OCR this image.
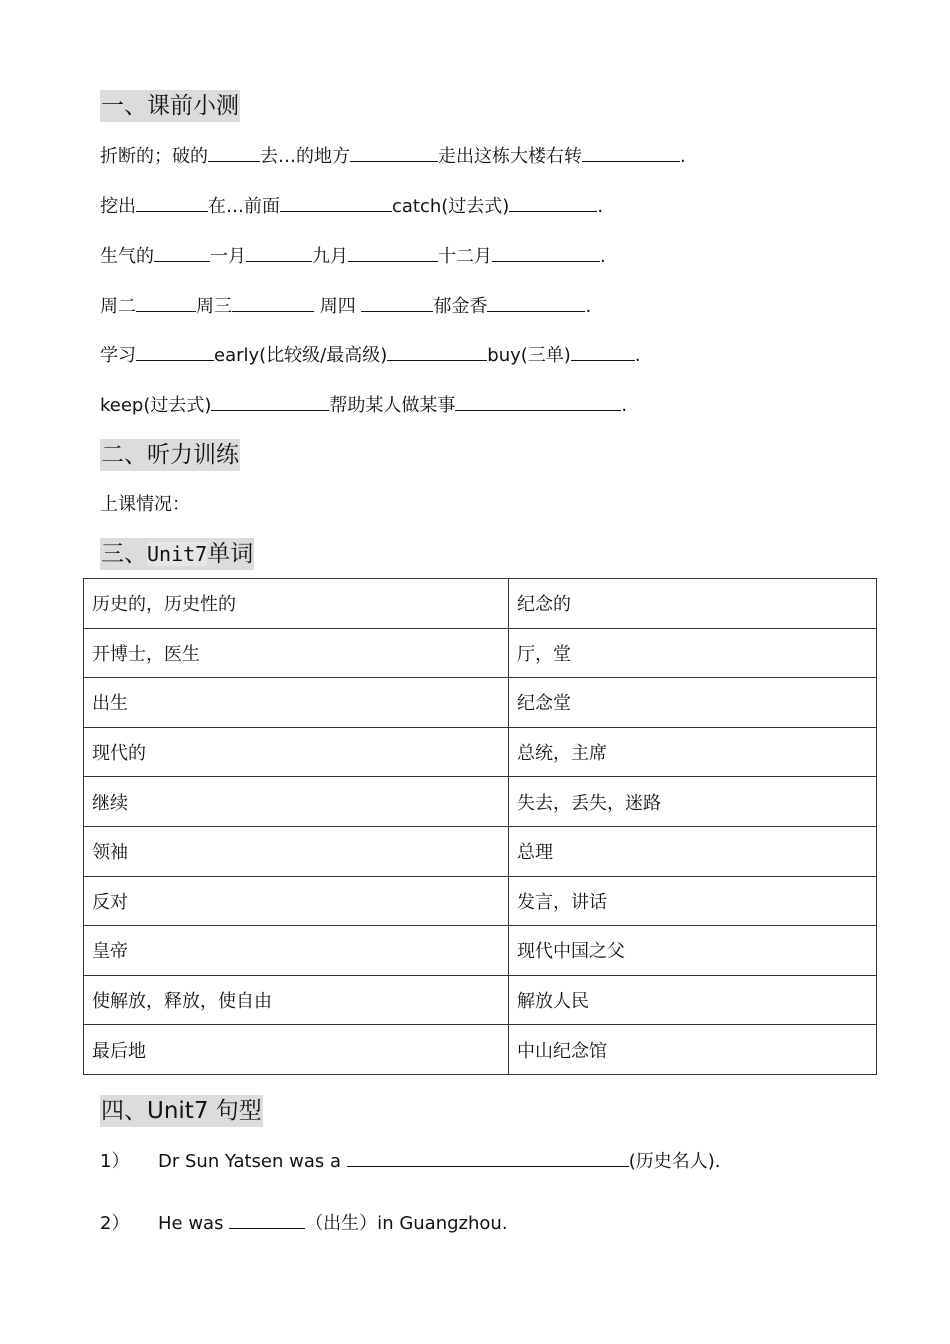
一、课前小测
折断的；破的	去…的地方	走出这栋大楼右转	.
挖出	在…前面	catch(过去式)	.
生气的	一月	九月	十二月	.
周二	周三	周四	郁金香	.
学习	early(比较级/最高级)	buy(三单)	.
keep(过去式)	帮助某人做某事	.
二、听力训练
上课情况：
三、Unit7单词
历史的，历史性的	纪念的
开博士，医生	厅，堂
出生	纪念堂
现代的	总统，主席
继续	失去，丢失，迷路
领袖	总理
反对	发言，讲话
皇帝	现代中国之父
使解放，释放，使自由	解放人民
最后地	中山纪念馆
四、Unit7 句型
1） Dr Sun Yatsen was a	(历史名人).
2） He was	（出生）in Guangzhou.
